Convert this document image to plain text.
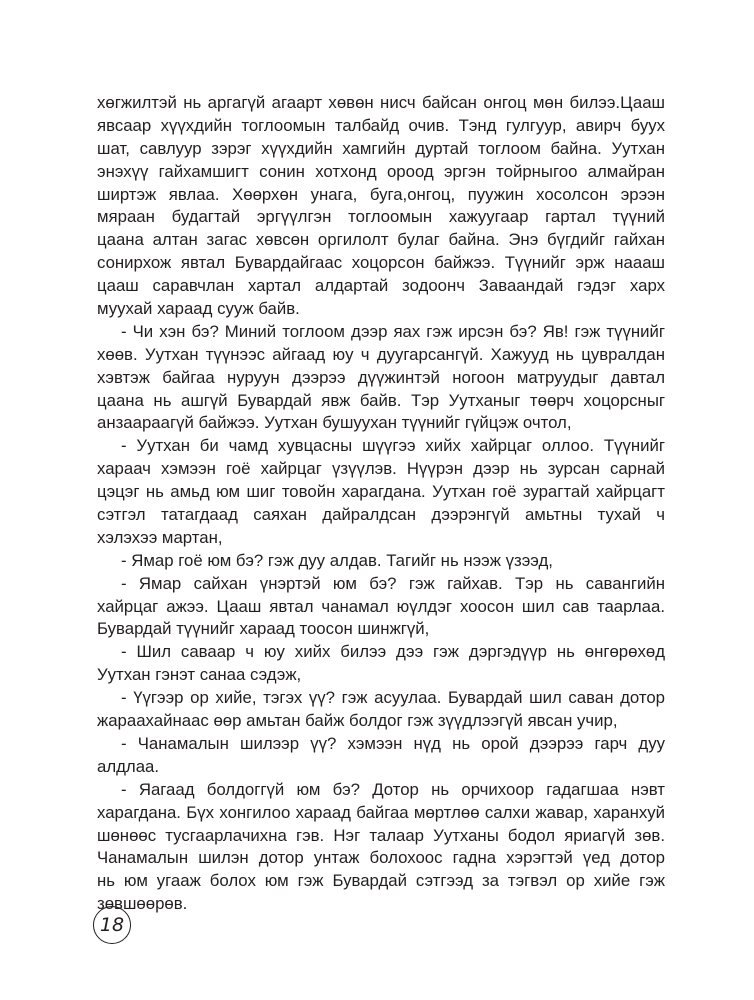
хөгжилтэй нь аргагүй агаарт хөвөн нисч байсан онгоц мөн билээ.Цааш
явсаар хүүхдийн тоглоомын талбайд очив. Тэнд гулгуур, авирч буух
шат, савлуур зэрэг хүүхдийн хамгийн дуртай тоглоом байна. Уутхан
энэхүү гайхамшигт сонин хотхонд ороод эргэн тойрныгоо алмайран
ширтэж явлаа. Хөөрхөн унага, буга,онгоц, пуужин хосолсон эрээн
мяраан будагтай эргүүлгэн тоглоомын хажуугаар гартал түүний
цаана алтан загас хөвсөн оргилолт булаг байна. Энэ бүгдийг гайхан
сонирхож явтал Бувардайгаас хоцорсон байжээ. Түүнийг эрж наааш
цааш саравчлан хартал алдартай зодоонч Заваандай гэдэг харх
муухай хараад сууж байв.
- Чи хэн бэ? Миний тоглоом дээр яах гэж ирсэн бэ? Яв! гэж түүнийг
хөөв. Уутхан түүнээс айгаад юу ч дуугарсангүй. Хажууд нь цувралдан
хэвтэж байгаа нуруун дээрээ дүүжинтэй ногоон матруудыг давтал
цаана нь ашгүй Бувардай явж байв. Тэр Уутханыг төөрч хоцорсныг
анзаараагүй байжээ. Уутхан бушуухан түүнийг гүйцэж очтол,
- Уутхан би чамд хувцасны шүүгээ хийх хайрцаг оллоо. Түүнийг
хараач хэмээн гоё хайрцаг үзүүлэв. Нүүрэн дээр нь зурсан сарнай
цэцэг нь амьд юм шиг товойн харагдана. Уутхан гоё зурагтай хайрцагт
сэтгэл татагдаад саяхан дайралдсан дээрэнгүй амьтны тухай ч
хэлэхээ мартан,
- Ямар гоё юм бэ? гэж дуу алдав. Тагийг нь нээж үзээд,
- Ямар сайхан үнэртэй юм бэ? гэж гайхав. Тэр нь савангийн
хайрцаг ажээ. Цааш явтал чанамал юүлдэг хоосон шил сав таарлаа.
Бувардай түүнийг хараад тоосон шинжгүй,
- Шил саваар ч юу хийх билээ дээ гэж дэргэдүүр нь өнгөрөхөд
Уутхан гэнэт санаа сэдэж,
- Үүгээр ор хийе, тэгэх үү? гэж асуулаа. Бувардай шил саван дотор
жараахайнаас өөр амьтан байж болдог гэж зүүдлээгүй явсан учир,
- Чанамалын шилээр үү? хэмээн нүд нь орой дээрээ гарч дуу
алдлаа.
- Яагаад болдоггүй юм бэ? Дотор нь орчихоор гадагшаа нэвт
харагдана. Бүх хонгилоо хараад байгаа мөртлөө салхи жавар, харанхуй
шөнөөс тусгаарлачихна гэв. Нэг талаар Уутханы бодол яриагүй зөв.
Чанамалын шилэн дотор унтаж болохоос гадна хэрэгтэй үед дотор
нь юм угааж болох юм гэж Бувардай сэтгээд за тэгвэл ор хийе гэж
зөвшөөрөв.
18
